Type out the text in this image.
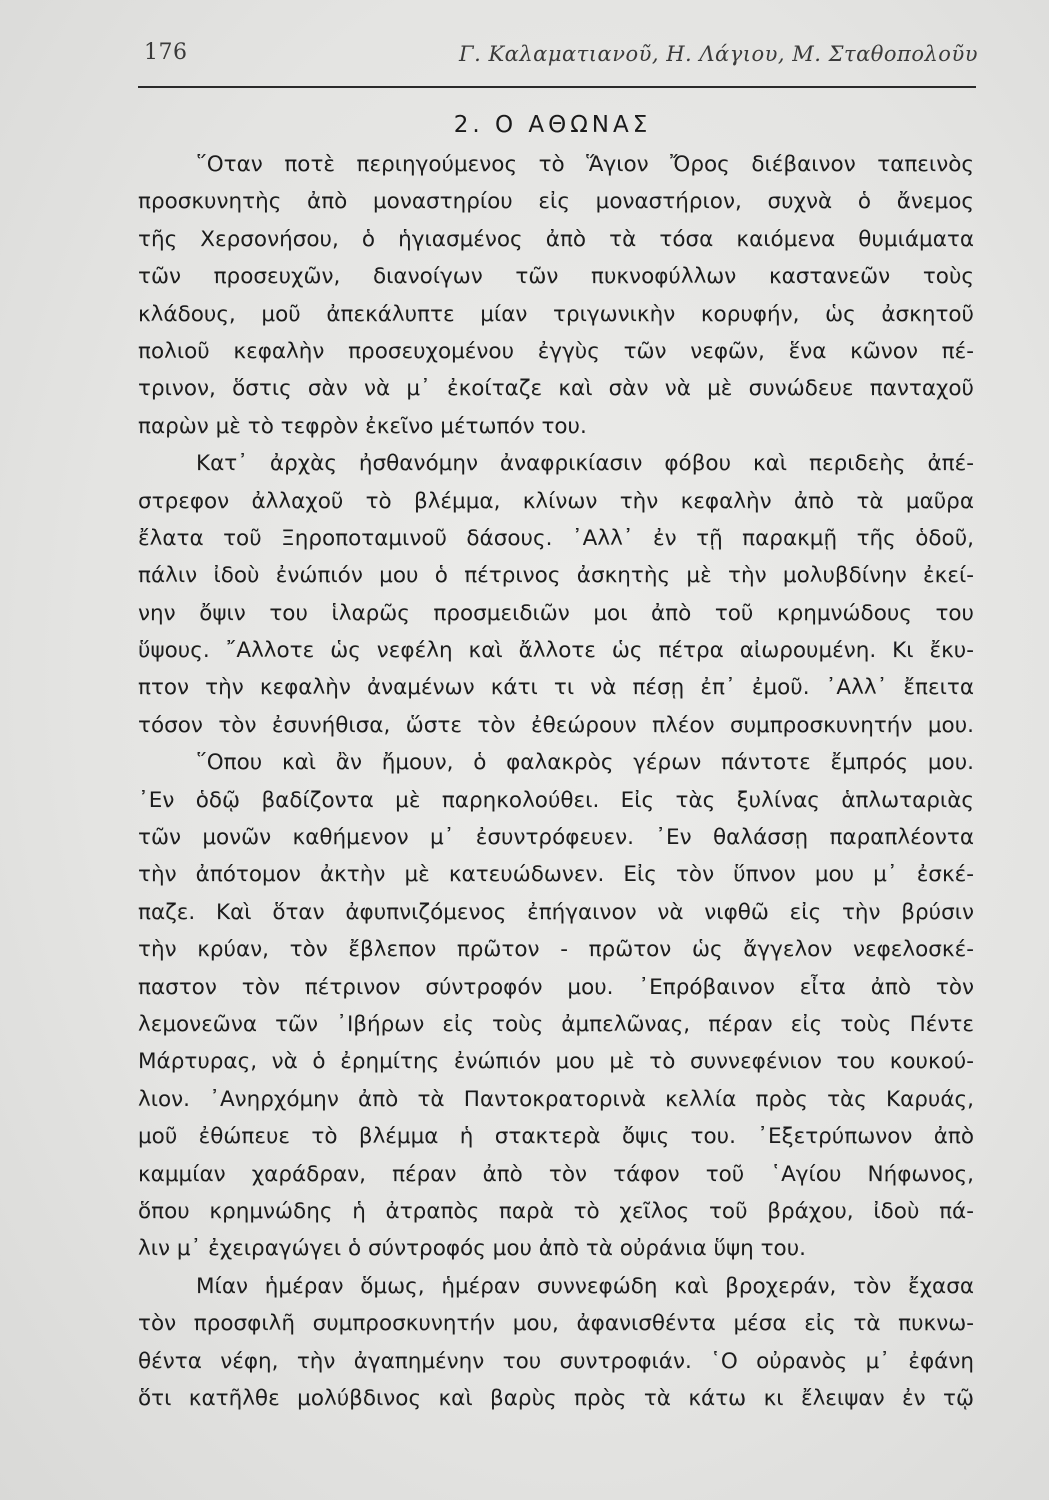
176	Γ. Καλαματιανοῦ, Η. Λάγιου, Μ. Σταθοπολοῦυ
2. Ο ΑΘΩΝΑΣ
῞Οταν ποτὲ περιηγούμενος τὸ Ἅγιον Ὄρος διέβαινον ταπεινὸς
προσκυνητὴς ἀπὸ μοναστηρίου εἰς μοναστήριον, συχνὰ ὁ ἄνεμος
τῆς Χερσονήσου, ὁ ἡγιασμένος ἀπὸ τὰ τόσα καιόμενα θυμιάματα
τῶν προσευχῶν, διανοίγων τῶν πυκνοφύλλων καστανεῶν τοὺς
κλάδους, μοῦ ἀπεκάλυπτε μίαν τριγωνικὴν κορυφήν, ὡς ἀσκητοῦ
πολιοῦ κεφαλὴν προσευχομένου ἐγγὺς τῶν νεφῶν, ἕνα κῶνον πέ-
τρινον, ὅστις σὰν νὰ μ᾽ ἐκοίταζε καὶ σὰν νὰ μὲ συνώδευε πανταχοῦ
παρὼν μὲ τὸ τεφρὸν ἐκεῖνο μέτωπόν του.
Κατ᾽ ἀρχὰς ἠσθανόμην ἀναφρικίασιν φόβου καὶ περιδεὴς ἀπέ-
στρεφον ἀλλαχοῦ τὸ βλέμμα, κλίνων τὴν κεφαλὴν ἀπὸ τὰ μαῦρα
ἔλατα τοῦ Ξηροποταμινοῦ δάσους. ᾽Αλλ᾽ ἐν τῇ παρακμῇ τῆς ὁδοῦ,
πάλιν ἰδοὺ ἐνώπιόν μου ὁ πέτρινος ἀσκητὴς μὲ τὴν μολυβδίνην ἐκεί-
νην ὄψιν του ἱλαρῶς προσμειδιῶν μοι ἀπὸ τοῦ κρημνώδους του
ὕψους. ῎Αλλοτε ὡς νεφέλη καὶ ἄλλοτε ὡς πέτρα αἰωρουμένη. Κι ἔκυ-
πτον τὴν κεφαλὴν ἀναμένων κάτι τι νὰ πέσῃ ἐπ᾽ ἐμοῦ. ᾽Αλλ᾽ ἔπειτα
τόσον τὸν ἐσυνήθισα, ὥστε τὸν ἐθεώρουν πλέον συμπροσκυνητήν μου.
῞Οπου καὶ ἂν ἤμουν, ὁ φαλακρὸς γέρων πάντοτε ἔμπρός μου.
᾽Εν ὁδῷ βαδίζοντα μὲ παρηκολούθει. Εἰς τὰς ξυλίνας ἁπλωταριὰς
τῶν μονῶν καθήμενον μ᾽ ἐσυντρόφευεν. ᾽Εν θαλάσσῃ παραπλέοντα
τὴν ἀπότομον ἀκτὴν μὲ κατευώδωνεν. Εἰς τὸν ὕπνον μου μ᾽ ἐσκέ-
παζε. Καὶ ὅταν ἀφυπνιζόμενος ἐπήγαινον νὰ νιφθῶ εἰς τὴν βρύσιν
τὴν κρύαν, τὸν ἔβλεπον πρῶτον - πρῶτον ὡς ἄγγελον νεφελοσκέ-
παστον τὸν πέτρινον σύντροφόν μου. ᾽Επρόβαινον εἶτα ἀπὸ τὸν
λεμονεῶνα τῶν ᾽Ιβήρων εἰς τοὺς ἀμπελῶνας, πέραν εἰς τοὺς Πέντε
Μάρτυρας, νὰ ὁ ἐρημίτης ἐνώπιόν μου μὲ τὸ συννεφένιον του κουκού-
λιον. ᾽Ανηρχόμην ἀπὸ τὰ Παντοκρατορινὰ κελλία πρὸς τὰς Καρυάς,
μοῦ ἐθώπευε τὸ βλέμμα ἡ στακτερὰ ὄψις του. ᾽Εξετρύπωνον ἀπὸ
καμμίαν χαράδραν, πέραν ἀπὸ τὸν τάφον τοῦ ῾Αγίου Νήφωνος,
ὅπου κρημνώδης ἡ ἀτραπὸς παρὰ τὸ χεῖλος τοῦ βράχου, ἰδοὺ πά-
λιν μ᾽ ἐχειραγώγει ὁ σύντροφός μου ἀπὸ τὰ οὐράνια ὕψη του.
Μίαν ἡμέραν ὅμως, ἡμέραν συννεφώδη καὶ βροχεράν, τὸν ἔχασα
τὸν προσφιλῆ συμπροσκυνητήν μου, ἀφανισθέντα μέσα εἰς τὰ πυκνω-
θέντα νέφη, τὴν ἀγαπημένην του συντροφιάν. ῾Ο οὐρανὸς μ᾽ ἐφάνη
ὅτι κατῆλθε μολύβδινος καὶ βαρὺς πρὸς τὰ κάτω κι ἔλειψαν ἐν τῷ
